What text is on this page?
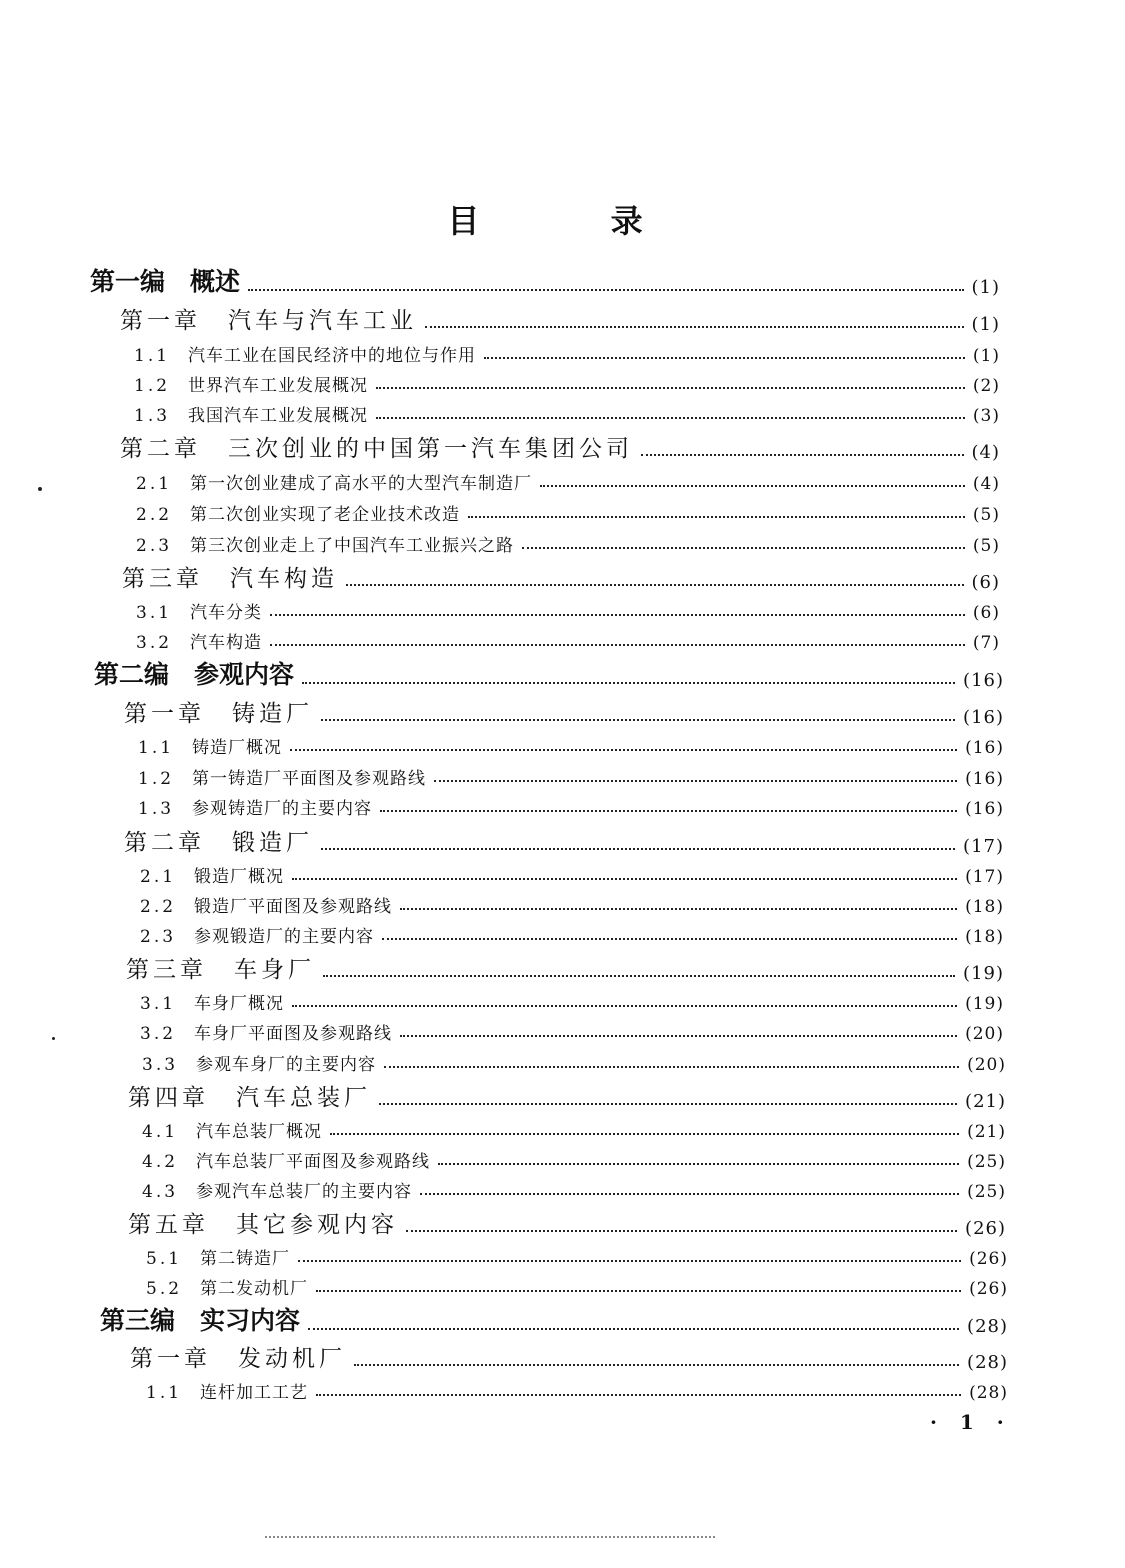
目 录
第一编　概述	(1)
第一章　汽车与汽车工业	(1)
1.1	汽车工业在国民经济中的地位与作用	(1)
1.2	世界汽车工业发展概况	(2)
1.3	我国汽车工业发展概况	(3)
第二章　三次创业的中国第一汽车集团公司	(4)
2.1	第一次创业建成了高水平的大型汽车制造厂	(4)
2.2	第二次创业实现了老企业技术改造	(5)
2.3	第三次创业走上了中国汽车工业振兴之路	(5)
第三章　汽车构造	(6)
3.1	汽车分类	(6)
3.2	汽车构造	(7)
第二编　参观内容	(16)
第一章　铸造厂	(16)
1.1	铸造厂概况	(16)
1.2	第一铸造厂平面图及参观路线	(16)
1.3	参观铸造厂的主要内容	(16)
第二章　锻造厂	(17)
2.1	锻造厂概况	(17)
2.2	锻造厂平面图及参观路线	(18)
2.3	参观锻造厂的主要内容	(18)
第三章　车身厂	(19)
3.1	车身厂概况	(19)
3.2	车身厂平面图及参观路线	(20)
3.3	参观车身厂的主要内容	(20)
第四章　汽车总装厂	(21)
4.1	汽车总装厂概况	(21)
4.2	汽车总装厂平面图及参观路线	(25)
4.3	参观汽车总装厂的主要内容	(25)
第五章　其它参观内容	(26)
5.1	第二铸造厂	(26)
5.2	第二发动机厂	(26)
第三编　实习内容	(28)
第一章　发动机厂	(28)
1.1	连杆加工工艺	(28)
· 1 ·
